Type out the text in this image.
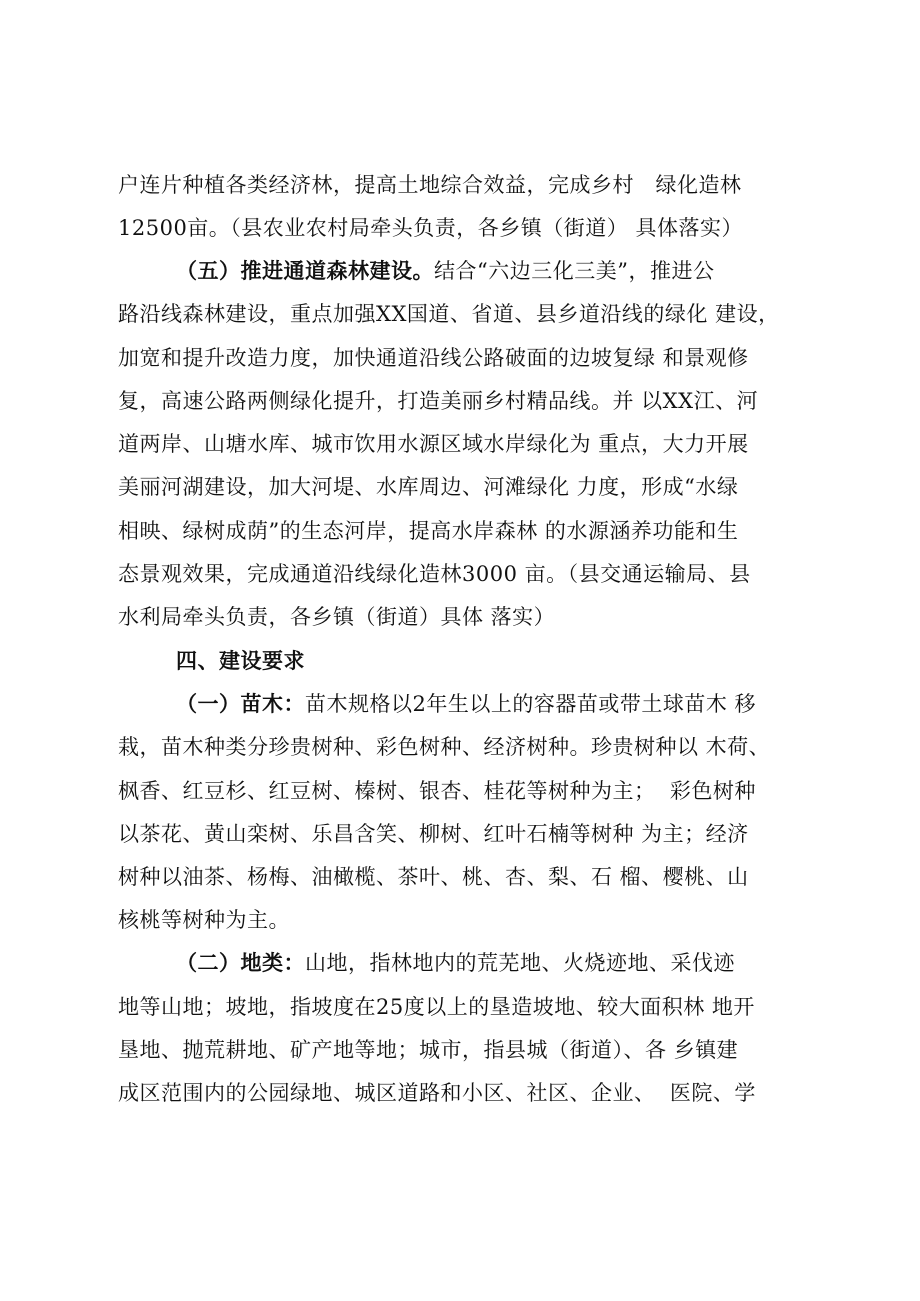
户连片种植各类经济林，提高土地综合效益，完成乡村   绿化造林
12500亩。（县农业农村局牵头负责，各乡镇（街道） 具体落实）
（五）推进通道森林建设。结合“六边三化三美”，推进公
路沿线森林建设，重点加强XX国道、省道、县乡道沿线的绿化 建设，
加宽和提升改造力度，加快通道沿线公路破面的边坡复绿 和景观修
复，高速公路两侧绿化提升，打造美丽乡村精品线。并 以XX江、河
道两岸、山塘水库、城市饮用水源区域水岸绿化为 重点，大力开展
美丽河湖建设，加大河堤、水库周边、河滩绿化 力度，形成“水绿
相映、绿树成荫”的生态河岸，提高水岸森林 的水源涵养功能和生
态景观效果，完成通道沿线绿化造林3000 亩。（县交通运输局、县
水利局牵头负责，各乡镇（街道）具体 落实）
四、建设要求
（一）苗木：苗木规格以2年生以上的容器苗或带土球苗木 移
栽，苗木种类分珍贵树种、彩色树种、经济树种。珍贵树种以 木荷、
枫香、红豆杉、红豆树、榛树、银杏、桂花等树种为主；  彩色树种
以茶花、黄山栾树、乐昌含笑、柳树、红叶石楠等树种 为主；经济
树种以油茶、杨梅、油橄榄、茶叶、桃、杏、梨、石 榴、樱桃、山
核桃等树种为主。
（二）地类：山地，指林地内的荒芜地、火烧迹地、采伐迹
地等山地；坡地，指坡度在25度以上的垦造坡地、较大面积林 地开
垦地、抛荒耕地、矿产地等地；城市，指县城（街道）、各 乡镇建
成区范围内的公园绿地、城区道路和小区、社区、企业、  医院、学
